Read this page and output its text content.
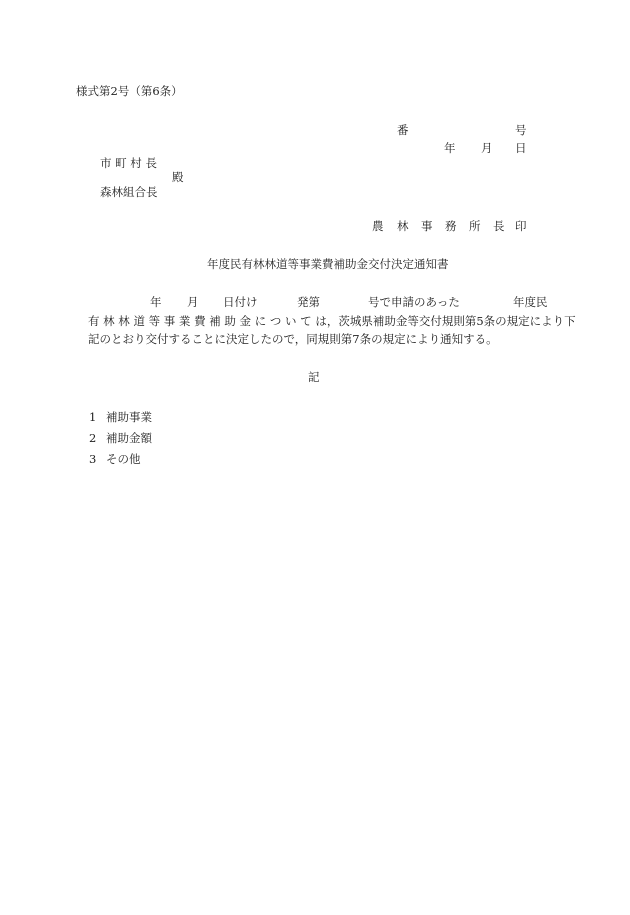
様式第2号（第6条）
番	号
年 月 日
市 町 村 長
殿
森林組合長
農 林 事 務 所 長 印
年度民有林林道等事業費補助金交付決定通知書
年 月 日付け	発第	号で申請のあった	年度民
有 林 林 道 等 事 業 費 補 助 金 に つ い て は，茨城県補助金等交付規則第5条の規定により下
記のとおり交付することに決定したので，同規則第7条の規定により通知する。
記
1 補助事業
2 補助金額
3 その他
